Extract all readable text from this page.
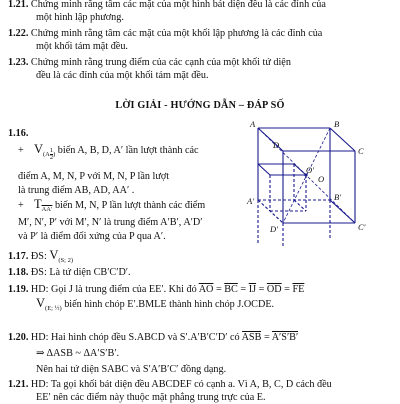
1.21. Chứng minh rằng tâm các mặt của một hình bát diện đều là các đỉnh của
một hình lập phương.
1.22. Chứng minh rằng tâm các mặt của một khối lập phương là các đỉnh của
một khối tám mặt đều.
1.23. Chứng minh rằng trung điểm của các cạnh của một khối tứ diện
đều là các đỉnh của một khối tám mặt đều.
LỜI GIẢI - HƯỚNG DẪN – ĐÁP SỐ
1.16.
+ $V_{(A \frac{1}{2} )}$ biến A, B, D, A′ lần lượt thành các
điểm A, M, N, P với M, N, P lần lượt
là trung điểm AB, AD, AA′ .
+ $T_{AA'}$ biến M, N, P lần lượt thành các điểm
M′, N′, P′ với M′, N′ là trung điểm A′B′, A′D′
và P′ là điểm đối xứng của P qua A′.
1.17. ĐS: $V_{(S; 2)}$
1.18. ĐS: Là tứ diện CB′C′D′.
1.19. HD: Gọi J là trung điểm của EE′. Khi đó $\overline{AO} = \overline{BC} = \overline{IJ} = \overline{OD} = \overline{FE}$
$V_{(E; \frac{1}{2})}$ biến hình chóp E′.BMLE thành hình chóp J.OCDE.
1.20. HD: Hai hình chóp đều S.ABCD và S′.A′B′C′D′ có ASB = A′S′B′
⇒ ΔASB ~ ΔA′S′B′.
Nên hai tứ diện SABC và S′A′B′C′ đồng dạng.
1.21. HD: Ta gọi khối bát diện đều ABCDEF có cạnh a. Vì A, B, C, D cách đều
EE′ nên các điểm này thuộc mặt phẳng trung trực của E.
A	B
C
D
A′	B′
C′
D′
O′
O
